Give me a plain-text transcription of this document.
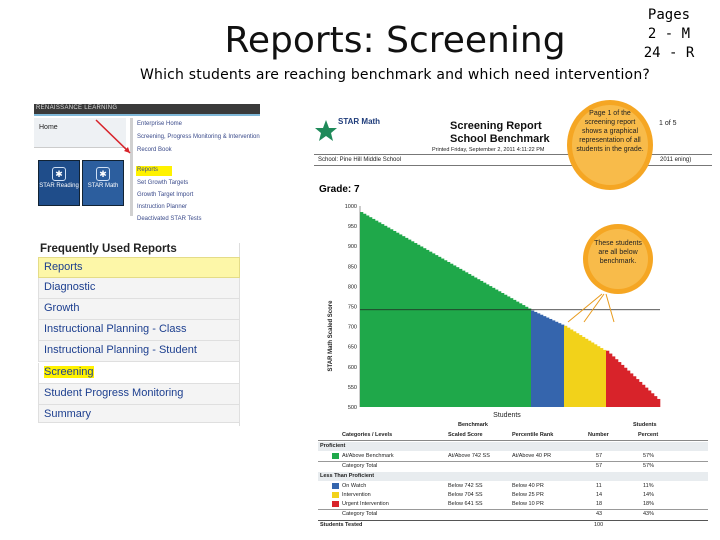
Reports: Screening
Which students are reaching benchmark and which need intervention?
Pages
2 - M
24 - R
RENAISSANCE LEARNING
Home
✱
STAR Reading
✱
STAR Math
Enterprise Home
Screening, Progress Monitoring & Intervention
Record Book
Reports
Set Growth Targets
Growth Target Import
Instruction Planner
Deactivated STAR Tests
Frequently Used Reports
Reports
Diagnostic
Growth
Instructional Planning - Class
Instructional Planning - Student
Screening
Student Progress Monitoring
Summary
STAR Math	Screening Report
School Benchmark
1 of 5
Printed Friday, September 2, 2011 4:11:22 PM
School: Pine Hill Middle School	2011 ening)
Grade: 7
1000
950
900
850
800
750
700
650
600
550
500
STAR Math Scaled Score
Students
Page 1 of the screening report shows a graphical representation of all students in the grade.
These students are all below benchmark.
Benchmark	Students
Categories / Levels	Scaled Score	Percentile Rank	Number	Percent
Proficient
At/Above Benchmark	At/Above 742 SS	At/Above 40 PR	57	57%
Category Total	57	57%
Less Than Proficient
On Watch	Below 742 SS	Below 40 PR	11	11%
Intervention	Below 704 SS	Below 25 PR	14	14%
Urgent Intervention	Below 641 SS	Below 10 PR	18	18%
Category Total	43	43%
Students Tested	100
